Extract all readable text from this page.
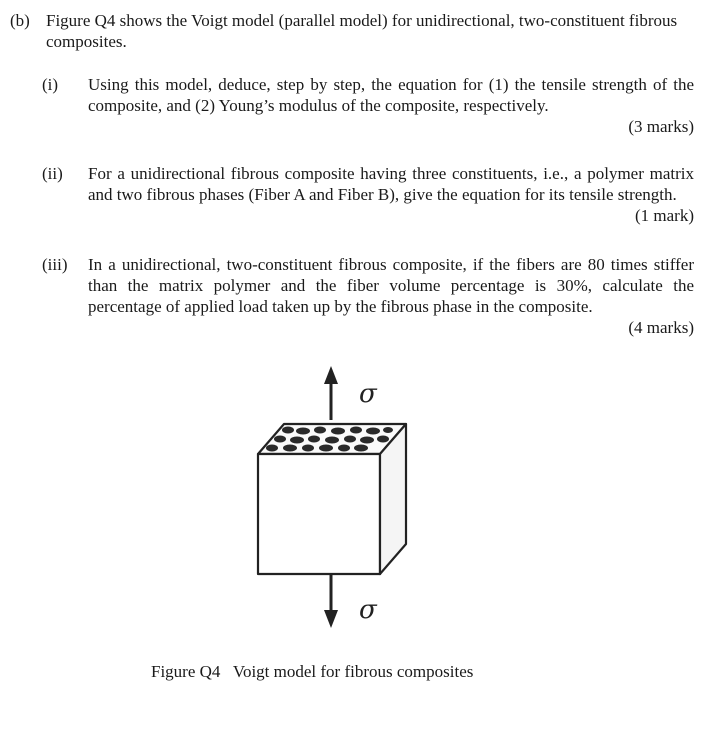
(b) Figure Q4 shows the Voigt model (parallel model) for unidirectional, two-constituent fibrous composites.
(i) Using this model, deduce, step by step, the equation for (1) the tensile strength of the composite, and (2) Young’s modulus of the composite, respectively.
(3 marks)
(ii) For a unidirectional fibrous composite having three constituents, i.e., a polymer matrix and two fibrous phases (Fiber A and Fiber B), give the equation for its tensile strength.
(1 mark)
(iii) In a unidirectional, two-constituent fibrous composite, if the fibers are 80 times stiffer than the matrix polymer and the fiber volume percentage is 30%, calculate the percentage of applied load taken up by the fibrous phase in the composite.
(4 marks)
σ
σ
Figure Q4   Voigt model for fibrous composites
